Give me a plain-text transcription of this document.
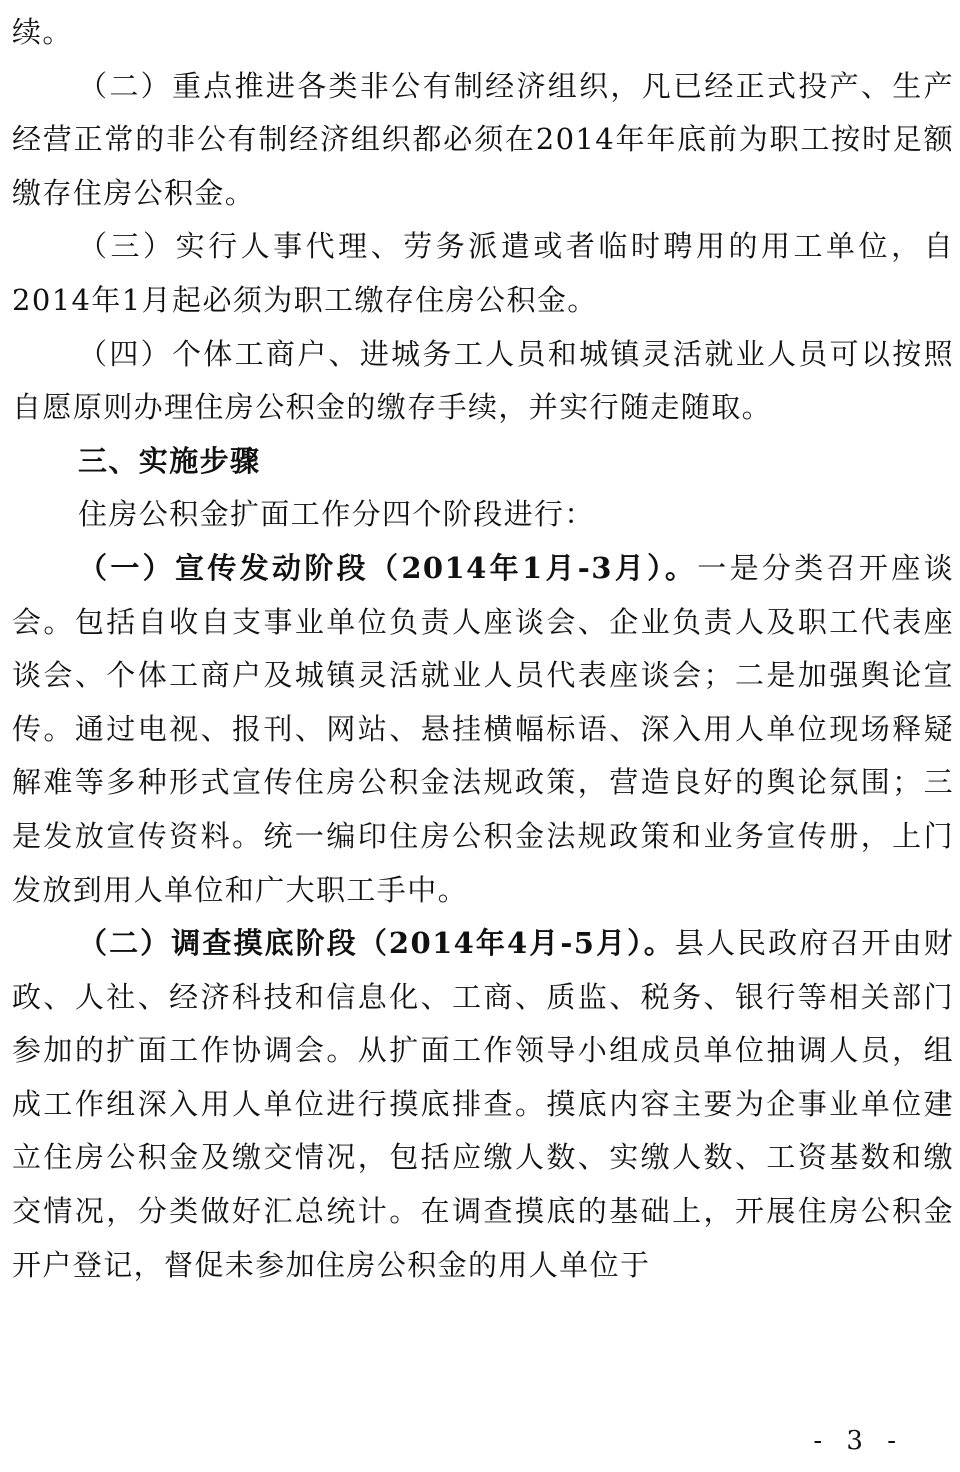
续。

（二）重点推进各类非公有制经济组织，凡已经正式投产、生产经营正常的非公有制经济组织都必须在2014年年底前为职工按时足额缴存住房公积金。

（三）实行人事代理、劳务派遣或者临时聘用的用工单位，自2014年1月起必须为职工缴存住房公积金。

（四）个体工商户、进城务工人员和城镇灵活就业人员可以按照自愿原则办理住房公积金的缴存手续，并实行随走随取。

三、实施步骤

住房公积金扩面工作分四个阶段进行：

（一）宣传发动阶段（2014年1月-3月）。一是分类召开座谈会。包括自收自支事业单位负责人座谈会、企业负责人及职工代表座谈会、个体工商户及城镇灵活就业人员代表座谈会；二是加强舆论宣传。通过电视、报刊、网站、悬挂横幅标语、深入用人单位现场释疑解难等多种形式宣传住房公积金法规政策，营造良好的舆论氛围；三是发放宣传资料。统一编印住房公积金法规政策和业务宣传册，上门发放到用人单位和广大职工手中。

（二）调查摸底阶段（2014年4月-5月）。县人民政府召开由财政、人社、经济科技和信息化、工商、质监、税务、银行等相关部门参加的扩面工作协调会。从扩面工作领导小组成员单位抽调人员，组成工作组深入用人单位进行摸底排查。摸底内容主要为企事业单位建立住房公积金及缴交情况，包括应缴人数、实缴人数、工资基数和缴交情况，分类做好汇总统计。在调查摸底的基础上，开展住房公积金开户登记，督促未参加住房公积金的用人单位于

- 3 -
